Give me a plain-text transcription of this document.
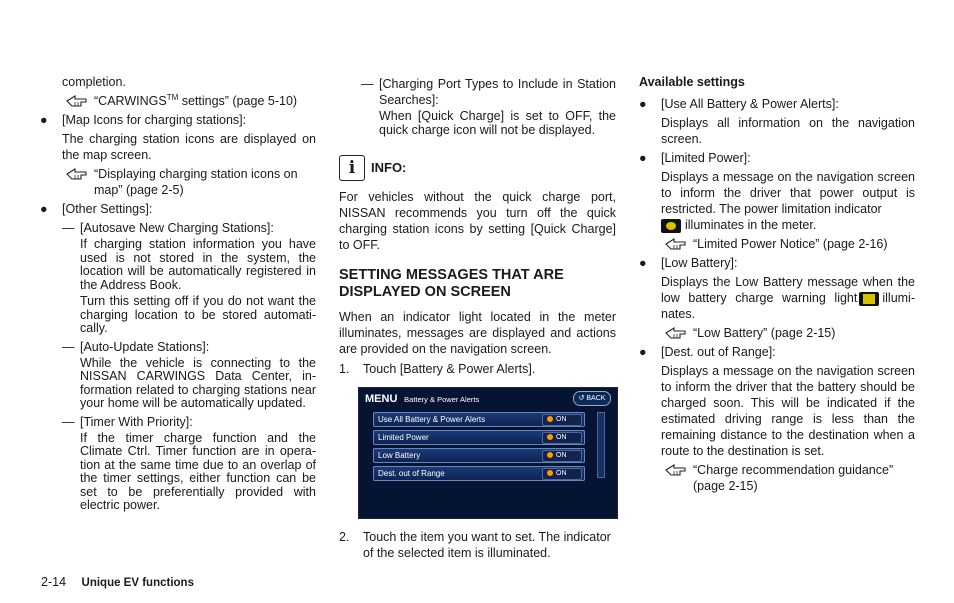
completion.

“CARWINGS™ settings” (page 5-10)
● [Map Icons for charging stations]:

The charging station icons are displayed on the map screen.

“Displaying charging station icons on map” (page 2-5)
● [Other Settings]:
— [Autosave New Charging Stations]:

If charging station information you have used is not stored in the system, the location will be automatically registered in the Address Book.

Turn this setting off if you do not want the charging location to be stored automati-cally.

— [Auto-Update Stations]:

While the vehicle is connecting to the NISSAN CARWINGS Data Center, in-formation related to charging stations near your home will be automatically updated.

— [Timer With Priority]:

If the timer charge function and the Climate Ctrl. Timer function are in opera-tion at the same time due to an overlap of the timer settings, either function can be set to be preferentially provided with electric power.

— [Charging Port Types to Include in Station Searches]:

When [Quick Charge] is set to OFF, the quick charge icon will not be displayed.

i	INFO:

For vehicles without the quick charge port, NISSAN recommends you turn off the quick charging station icons by setting [Quick Charge] to OFF.

SETTING MESSAGES THAT ARE DISPLAYED ON SCREEN

When an indicator light located in the meter illuminates, messages are displayed and actions are provided on the navigation screen.

1. Touch [Battery & Power Alerts].
MENU Battery & Power Alerts	↺ BACK
Use All Battery & Power Alerts	ON
Limited Power	ON
Low Battery	ON
Dest. out of Range	ON
2. Touch the item you want to set. The indicator of the selected item is illuminated.

Available settings

● [Use All Battery & Power Alerts]:

Displays all information on the navigation screen.

● [Limited Power]:

Displays a message on the navigation screen to inform the driver that power output is restricted. The power limitation indicator

illuminates in the meter.

“Limited Power Notice” (page 2-16)
● [Low Battery]:

Displays the Low Battery message when the low battery charge warning light illumi-nates.

“Low Battery” (page 2-15)
● [Dest. out of Range]:

Displays a message on the navigation screen to inform the driver that the battery should be charged soon. This will be indicated if the estimated driving range is less than the remaining distance to the destination when a route to the destination is set.

“Charge recommendation guidance” (page 2-15)
2-14 Unique EV functions
